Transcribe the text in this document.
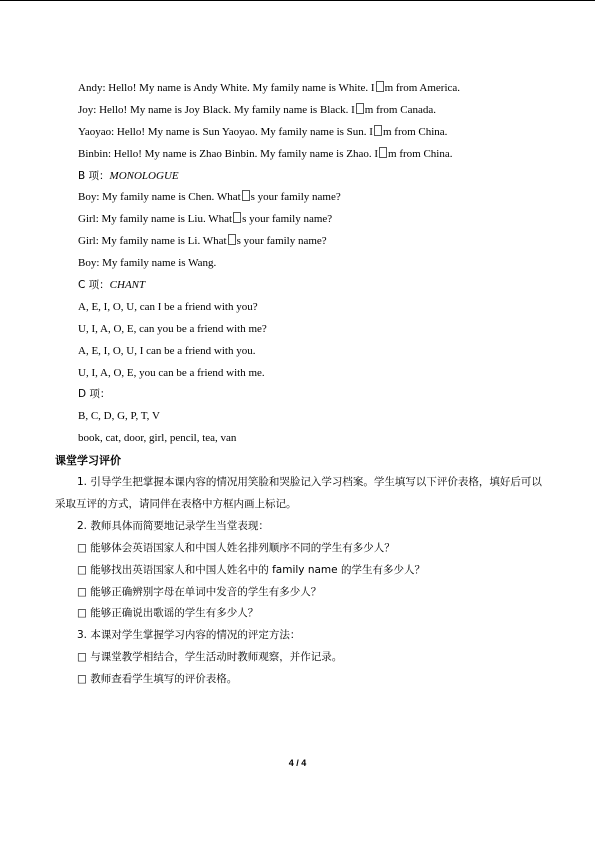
Andy: Hello! My name is Andy White. My family name is White. I m from America.
Joy: Hello! My name is Joy Black. My family name is Black. I m from Canada.
Yaoyao: Hello! My name is Sun Yaoyao. My family name is Sun. I m from China.
Binbin: Hello! My name is Zhao Binbin. My family name is Zhao. I m from China.
B 项：MONOLOGUE
Boy: My family name is Chen. What s your family name?
Girl: My family name is Liu. What s your family name?
Girl: My family name is Li. What s your family name?
Boy: My family name is Wang.
C 项：CHANT
A, E, I, O, U, can I be a friend with you?
U, I, A, O, E, can you be a friend with me?
A, E, I, O, U, I can be a friend with you.
U, I, A, O, E, you can be a friend with me.
D 项：
B, C, D, G, P, T, V
book, cat, door, girl, pencil, tea, van
课堂学习评价
1. 引导学生把掌握本课内容的情况用笑脸和哭脸记入学习档案。学生填写以下评价表格，填好后可以采取互评的方式，请同伴在表格中方框内画上标记。
2. 教师具体而简要地记录学生当堂表现：
□ 能够体会英语国家人和中国人姓名排列顺序不同的学生有多少人？
□ 能够找出英语国家人和中国人姓名中的 family name 的学生有多少人？
□ 能够正确辨别字母在单词中发音的学生有多少人？
□ 能够正确说出歌谣的学生有多少人？
3. 本课对学生掌握学习内容的情况的评定方法：
□ 与课堂教学相结合，学生活动时教师观察，并作记录。
□ 教师查看学生填写的评价表格。
4 / 4
